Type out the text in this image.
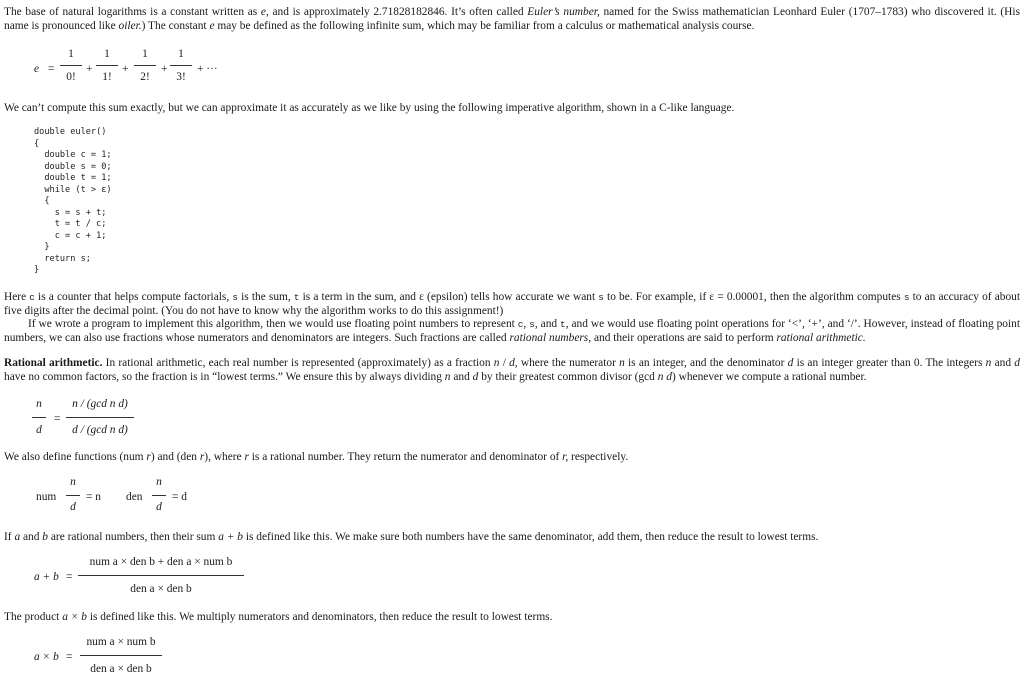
The base of natural logarithms is a constant written as e, and is approximately 2.71828182846. It’s often called Euler’s number, named for the Swiss mathematician Leonhard Euler (1707–1783) who discovered it. (His name is pronounced like oiler.) The constant e may be defined as the following infinite sum, which may be familiar from a calculus or mathematical analysis course.

e =
1
0!
+
1
1!
+
1
2!
+
1
3!
+ ···

We can’t compute this sum exactly, but we can approximate it as accurately as we like by using the following imperative algorithm, shown in a C-like language.

double euler()
{
double c = 1;
double s = 0;
double t = 1;
while (t > ε)
{
s = s + t;
t = t / c;
c = c + 1;
}
return s;
}

Here c is a counter that helps compute factorials, s is the sum, t is a term in the sum, and ε (epsilon) tells how accurate we want s to be. For example, if ε = 0.00001, then the algorithm computes s to an accuracy of about five digits after the decimal point. (You do not have to know why the algorithm works to do this assignment!)

If we wrote a program to implement this algorithm, then we would use floating point numbers to represent c, s, and t, and we would use floating point operations for ‘<’, ‘+’, and ‘/’. However, instead of floating point numbers, we can also use fractions whose numerators and denominators are integers. Such fractions are called rational numbers, and their operations are said to perform rational arithmetic.

Rational arithmetic. In rational arithmetic, each real number is represented (approximately) as a fraction n / d, where the numerator n is an integer, and the denominator d is an integer greater than 0. The integers n and d have no common factors, so the fraction is in “lowest terms.” We ensure this by always dividing n and d by their greatest common divisor (gcd n d) whenever we compute a rational number.

n
d
=
n / (gcd n d)
d / (gcd n d)

We also define functions (num r) and (den r), where r is a rational number. They return the numerator and denominator of r, respectively.

num
n
d
= n den
n
d
= d

If a and b are rational numbers, then their sum a + b is defined like this. We make sure both numbers have the same denominator, add them, then reduce the result to lowest terms.

a + b =
num a × den b + den a × num b
den a × den b

The product a × b is defined like this. We multiply numerators and denominators, then reduce the result to lowest terms.

a × b =
num a × num b
den a × den b
